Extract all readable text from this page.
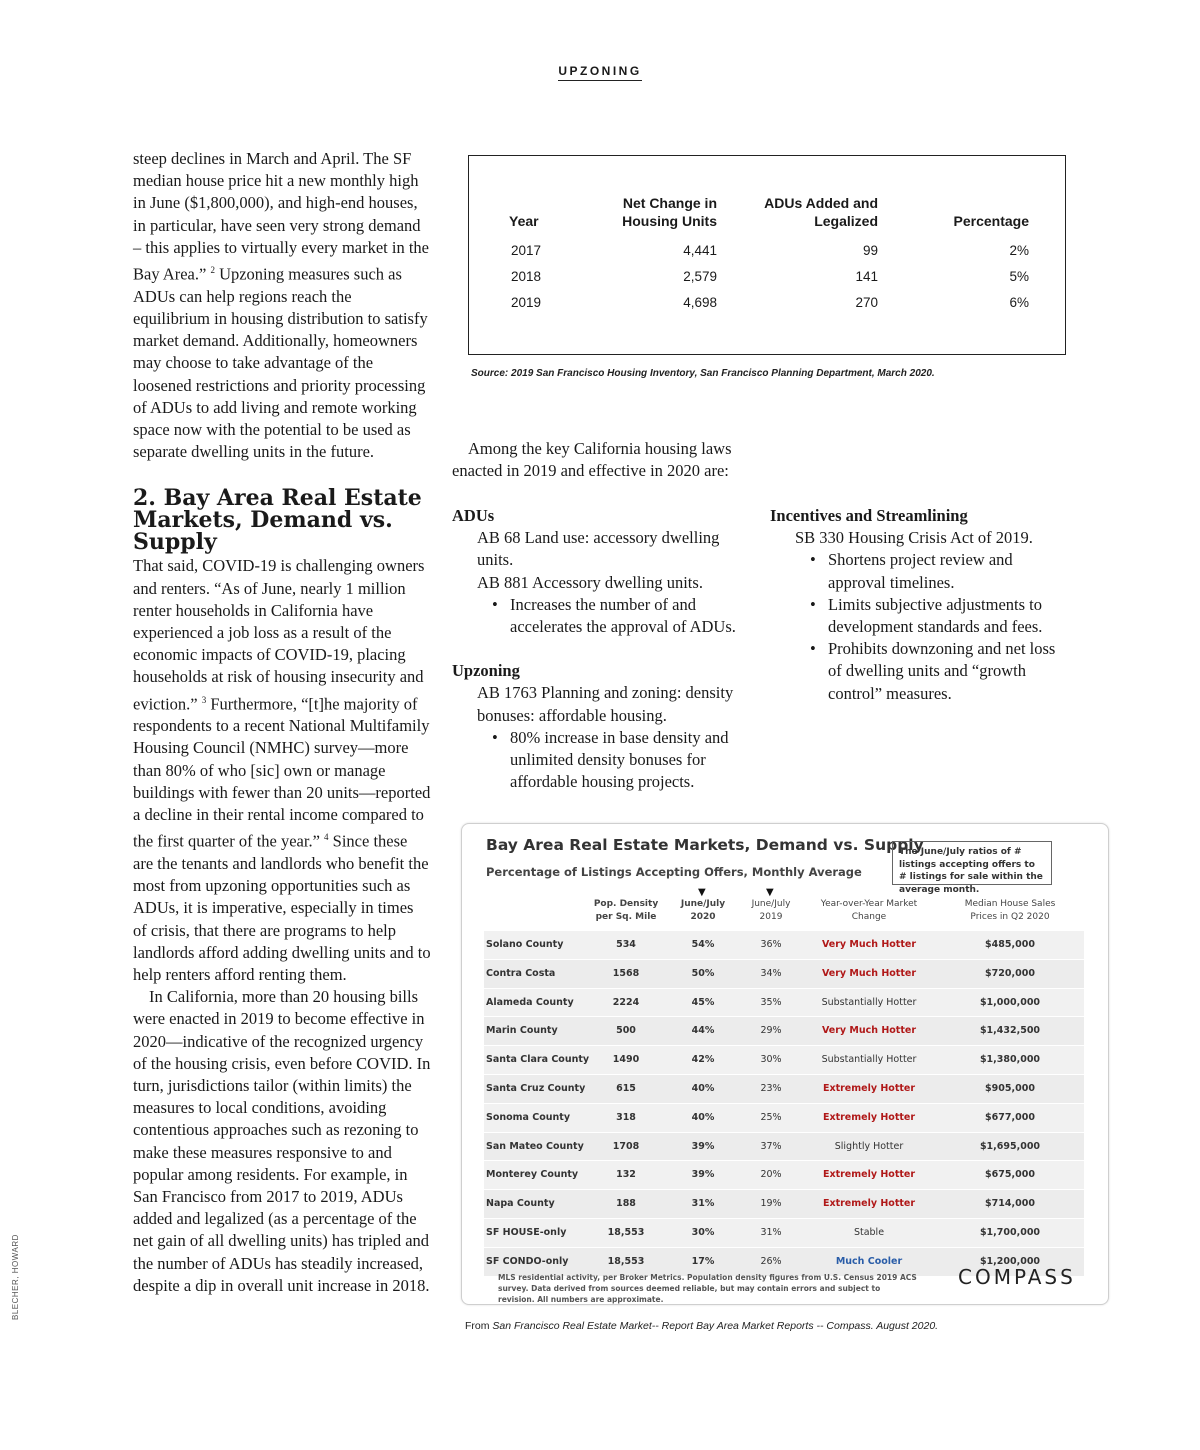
UPZONING
BLECHER, HOWARD

steep declines in March and April. The SF median house price hit a new monthly high in June ($1,800,000), and high-end houses, in particular, have seen very strong demand – this applies to virtually every market in the Bay Area.” $^2$ Upzoning measures such as ADUs can help regions reach the equilibrium in housing distribution to satisfy market demand. Additionally, homeowners may choose to take advantage of the loosened restrictions and priority processing of ADUs to add living and remote working space now with the potential to be used as separate dwelling units in the future.

2. Bay Area Real Estate Markets, Demand vs. Supply

That said, COVID-19 is challenging owners and renters. “As of June, nearly 1 million renter households in California have experienced a job loss as a result of the economic impacts of COVID-19, placing households at risk of housing insecurity and eviction.” $^3$ Furthermore, “[t]he majority of respondents to a recent National Multifamily Housing Council (NMHC) survey—more than 80% of who [sic] own or manage buildings with fewer than 20 units—reported a decline in their rental income compared to the first quarter of the year.” $^4$ Since these are the tenants and landlords who benefit the most from upzoning opportunities such as ADUs, it is imperative, especially in times of crisis, that there are programs to help landlords afford adding dwelling units and to help renters afford renting them.

In California, more than 20 housing bills were enacted in 2019 to become effective in 2020—indicative of the recognized urgency of the housing crisis, even before COVID. In turn, jurisdictions tailor (within limits) the measures to local conditions, avoiding contentious approaches such as rezoning to make these measures responsive to and popular among residents. For example, in San Francisco from 2017 to 2019, ADUs added and legalized (as a percentage of the net gain of all dwelling units) has tripled and the number of ADUs has steadily increased, despite a dip in overall unit increase in 2018.

Year	Net Change in Housing Units	ADUs Added and Legalized	Percentage
2017	4,441	99	2%
2018	2,579	141	5%
2019	4,698	270	6%
Source: 2019 San Francisco Housing Inventory, San Francisco Planning Department, March 2020.

Among the key California housing laws enacted in 2019 and effective in 2020 are:

ADUs

AB 68 Land use: accessory dwelling units.

AB 881 Accessory dwelling units.

• Increases the number of and accelerates the approval of ADUs.

Upzoning

AB 1763 Planning and zoning: density bonuses: affordable housing.

• 80% increase in base density and unlimited density bonuses for affordable housing projects.

Incentives and Streamlining

SB 330 Housing Crisis Act of 2019.

• Shortens project review and approval timelines.

• Limits subjective adjustments to development standards and fees.

• Prohibits downzoning and net loss of dwelling units and “growth control” measures.

Bay Area Real Estate Markets, Demand vs. Supply
Percentage of Listings Accepting Offers, Monthly Average
The June/July ratios of # listings accepting offers to # listings for sale within the average month.
Pop. Density per Sq. Mile
▼
June/July 2020
▼
June/July 2019
Year-over-Year Market Change
Median House Sales Prices in Q2 2020
Solano County	534	54%	36%	Very Much Hotter	$485,000
Contra Costa	1568	50%	34%	Very Much Hotter	$720,000
Alameda County	2224	45%	35%	Substantially Hotter	$1,000,000
Marin County	500	44%	29%	Very Much Hotter	$1,432,500
Santa Clara County	1490	42%	30%	Substantially Hotter	$1,380,000
Santa Cruz County	615	40%	23%	Extremely Hotter	$905,000
Sonoma County	318	40%	25%	Extremely Hotter	$677,000
San Mateo County	1708	39%	37%	Slightly Hotter	$1,695,000
Monterey County	132	39%	20%	Extremely Hotter	$675,000
Napa County	188	31%	19%	Extremely Hotter	$714,000
SF HOUSE-only	18,553	30%	31%	Stable	$1,700,000
SF CONDO-only	18,553	17%	26%	Much Cooler	$1,200,000
MLS residential activity, per Broker Metrics. Population density figures from U.S. Census 2019 ACS survey. Data derived from sources deemed reliable, but may contain errors and subject to revision. All numbers are approximate.
COMPASS
From San Francisco Real Estate Market-- Report Bay Area Market Reports -- Compass. August 2020.
